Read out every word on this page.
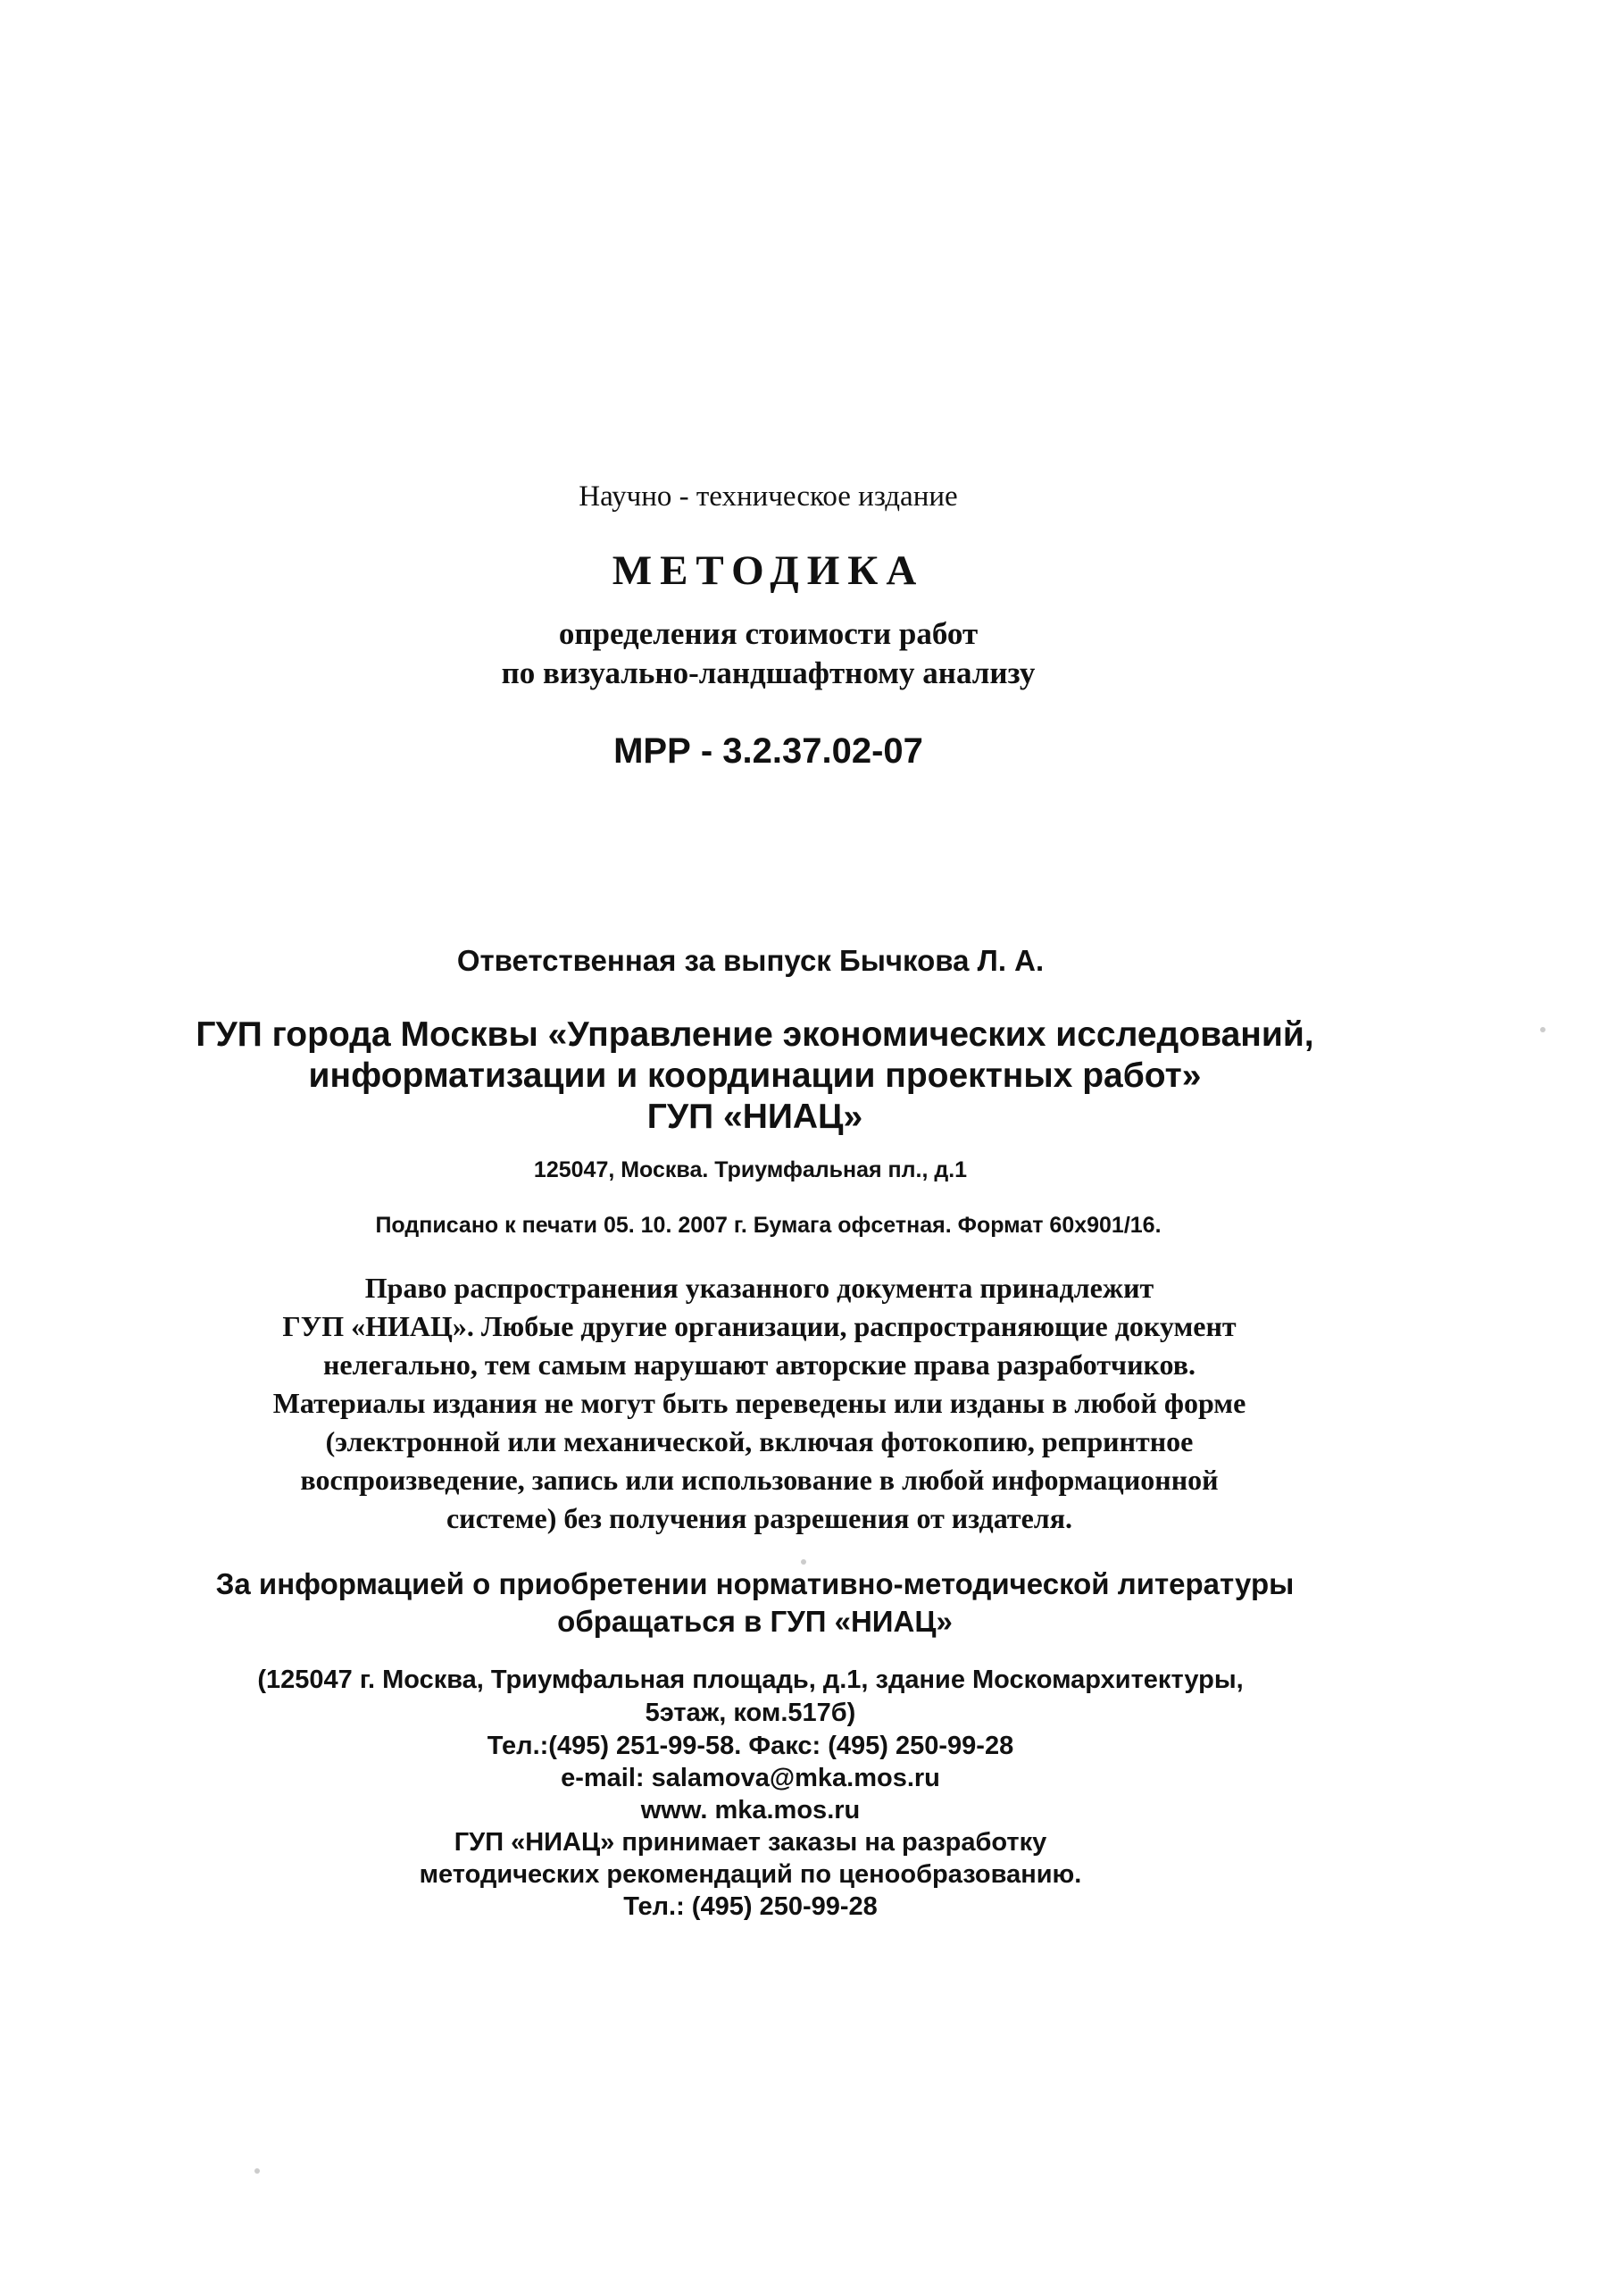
Научно - техническое издание
МЕТОДИКА
определения стоимости работ
по визуально-ландшафтному анализу
МРР - 3.2.37.02-07
Ответственная за выпуск Бычкова Л. А.
ГУП города Москвы «Управление экономических исследований,
информатизации и координации проектных работ»
ГУП «НИАЦ»
125047, Москва. Триумфальная пл., д.1
Подписано к печати 05. 10. 2007 г. Бумага офсетная. Формат 60х901/16.
Право распространения указанного документа принадлежит
ГУП «НИАЦ». Любые другие организации, распространяющие документ
нелегально, тем самым нарушают авторские права разработчиков.
Материалы издания не могут быть переведены или изданы в любой форме
(электронной или механической, включая фотокопию, репринтное
воспроизведение, запись или использование в любой информационной
системе) без получения разрешения от издателя.
За информацией о приобретении нормативно-методической литературы
обращаться в ГУП «НИАЦ»
(125047 г. Москва, Триумфальная площадь, д.1, здание Москомархитектуры,
5этаж, ком.517б)
Тел.:(495) 251-99-58. Факс: (495) 250-99-28
e-mail: salamova@mka.mos.ru
www. mka.mos.ru
ГУП «НИАЦ» принимает заказы на разработку
методических рекомендаций по ценообразованию.
Тел.: (495) 250-99-28
